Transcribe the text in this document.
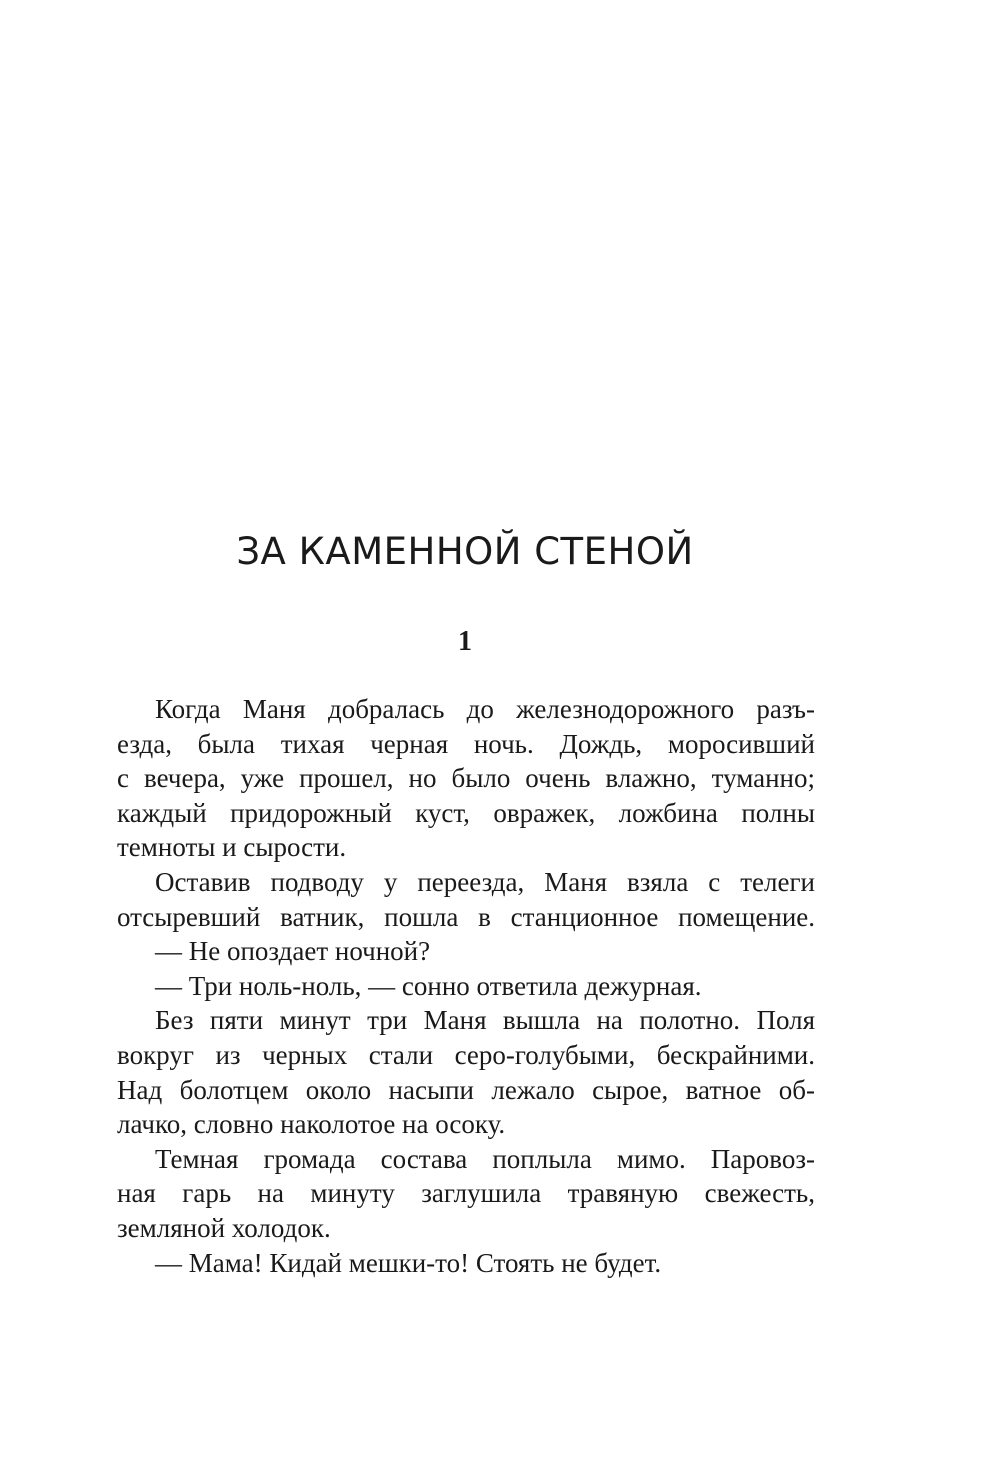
ЗА КАМЕННОЙ СТЕНОЙ
1
Когда Маня добралась до железнодорожного разъ-
езда, была тихая черная ночь. Дождь, моросивший
с вечера, уже прошел, но было очень влажно, туманно;
каждый придорожный куст, овражек, ложбина полны
темноты и сырости.
Оставив подводу у переезда, Маня взяла с телеги
отсыревший ватник, пошла в станционное помещение.
— Не опоздает ночной?
— Три ноль-ноль, — сонно ответила дежурная.
Без пяти минут три Маня вышла на полотно. Поля
вокруг из черных стали серо-голубыми, бескрайними.
Над болотцем около насыпи лежало сырое, ватное об-
лачко, словно наколотое на осоку.
Темная громада состава поплыла мимо. Паровоз-
ная гарь на минуту заглушила травяную свежесть,
земляной холодок.
— Мама! Кидай мешки-то! Стоять не будет.
